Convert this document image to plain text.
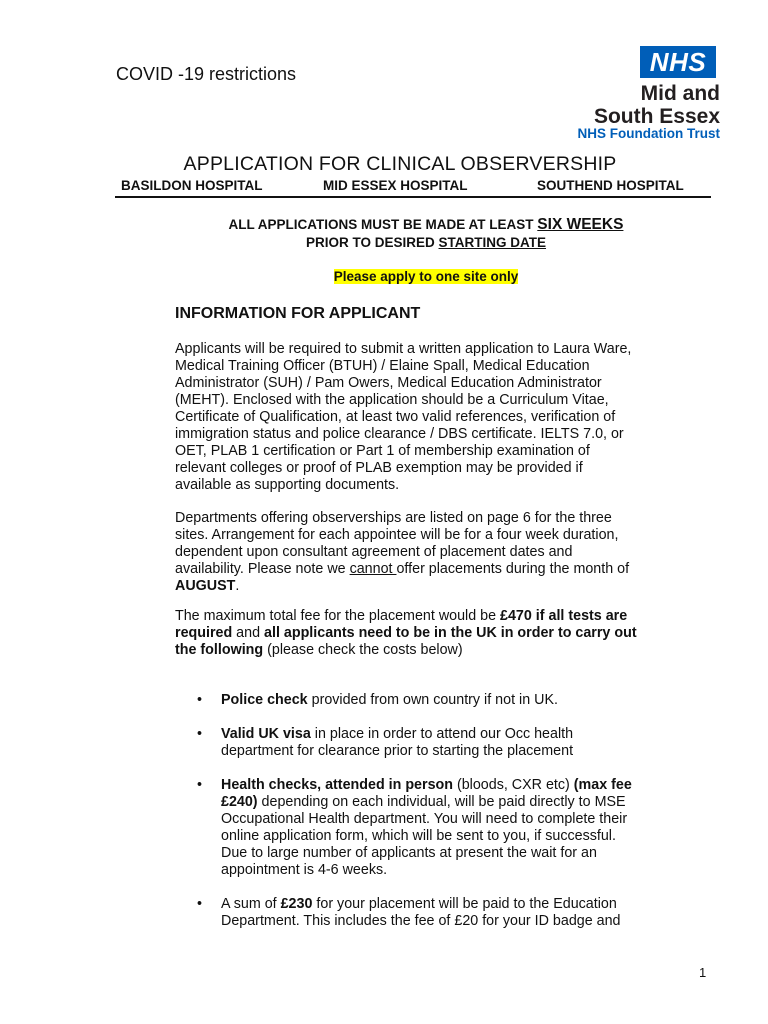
COVID -19 restrictions	NHS
Mid and
South Essex
NHS Foundation Trust
APPLICATION FOR CLINICAL OBSERVERSHIP
BASILDON HOSPITAL	MID ESSEX HOSPITAL	SOUTHEND HOSPITAL
ALL APPLICATIONS MUST BE MADE AT LEAST SIX WEEKS
PRIOR TO DESIRED STARTING DATE
Please apply to one site only
INFORMATION FOR APPLICANT
Applicants will be required to submit a written application to Laura Ware,
Medical Training Officer (BTUH) / Elaine Spall, Medical Education
Administrator (SUH) / Pam Owers, Medical Education Administrator
(MEHT). Enclosed with the application should be a Curriculum Vitae,
Certificate of Qualification, at least two valid references, verification of
immigration status and police clearance / DBS certificate. IELTS 7.0, or
OET, PLAB 1 certification or Part 1 of membership examination of
relevant colleges or proof of PLAB exemption may be provided if
available as supporting documents.
Departments offering observerships are listed on page 6 for the three
sites. Arrangement for each appointee will be for a four week duration,
dependent upon consultant agreement of placement dates and
availability. Please note we cannot offer placements during the month of
AUGUST.
The maximum total fee for the placement would be £470 if all tests are
required and all applicants need to be in the UK in order to carry out
the following (please check the costs below)
• Police check provided from own country if not in UK.
• Valid UK visa in place in order to attend our Occ health
department for clearance prior to starting the placement
• Health checks, attended in person (bloods, CXR etc) (max fee
£240) depending on each individual, will be paid directly to MSE
Occupational Health department. You will need to complete their
online application form, which will be sent to you, if successful.
Due to large number of applicants at present the wait for an
appointment is 4-6 weeks.
• A sum of £230 for your placement will be paid to the Education
Department. This includes the fee of £20 for your ID badge and
1
